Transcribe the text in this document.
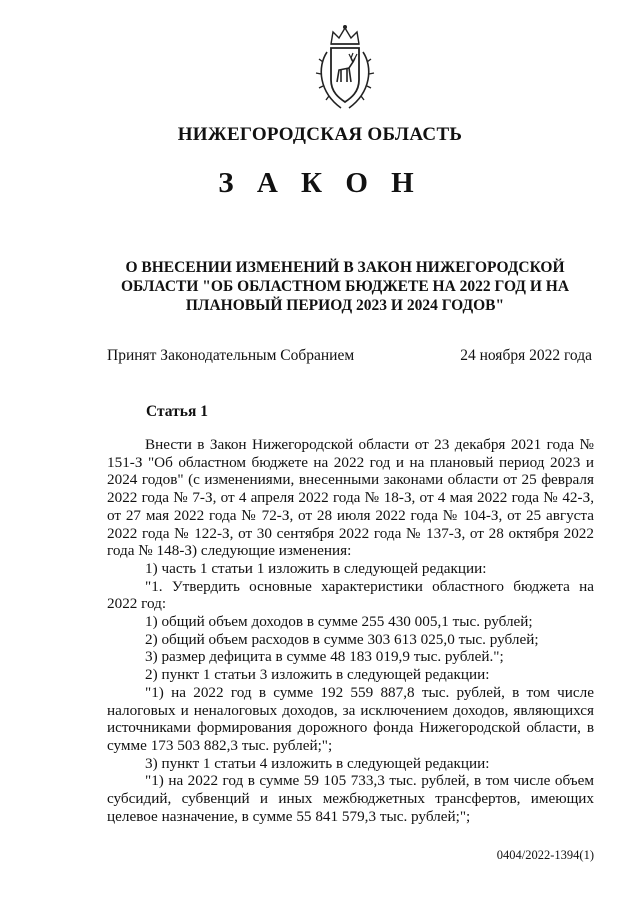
НИЖЕГОРОДСКАЯ ОБЛАСТЬ
З А К О Н
О ВНЕСЕНИИ ИЗМЕНЕНИЙ В ЗАКОН НИЖЕГОРОДСКОЙ
ОБЛАСТИ "ОБ ОБЛАСТНОМ БЮДЖЕТЕ НА 2022 ГОД И НА
ПЛАНОВЫЙ ПЕРИОД 2023 И 2024 ГОДОВ"
Принят Законодательным Собранием	24 ноября 2022 года
Статья 1

Внести в Закон Нижегородской области от 23 декабря 2021 года № 151-З "Об областном бюджете на 2022 год и на плановый период 2023 и 2024 годов" (с изменениями, внесенными законами области от 25 февраля 2022 года № 7-З, от 4 апреля 2022 года № 18-З, от 4 мая 2022 года № 42-З, от 27 мая 2022 года № 72-З, от 28 июля 2022 года № 104-З, от 25 августа 2022 года № 122-З, от 30 сентября 2022 года № 137-З, от 28 октября 2022 года № 148-З) следующие изменения:

1) часть 1 статьи 1 изложить в следующей редакции:

"1. Утвердить основные характеристики областного бюджета на 2022 год:

1) общий объем доходов в сумме 255 430 005,1 тыс. рублей;

2) общий объем расходов в сумме 303 613 025,0 тыс. рублей;

3) размер дефицита в сумме 48 183 019,9 тыс. рублей.";

2) пункт 1 статьи 3 изложить в следующей редакции:

"1) на 2022 год в сумме 192 559 887,8 тыс. рублей, в том числе налоговых и неналоговых доходов, за исключением доходов, являющихся источниками формирования дорожного фонда Нижегородской области, в сумме 173 503 882,3 тыс. рублей;";

3) пункт 1 статьи 4 изложить в следующей редакции:

"1) на 2022 год в сумме 59 105 733,3 тыс. рублей, в том числе объем субсидий, субвенций и иных межбюджетных трансфертов, имеющих целевое назначение, в сумме 55 841 579,3 тыс. рублей;";

0404/2022-1394(1)
